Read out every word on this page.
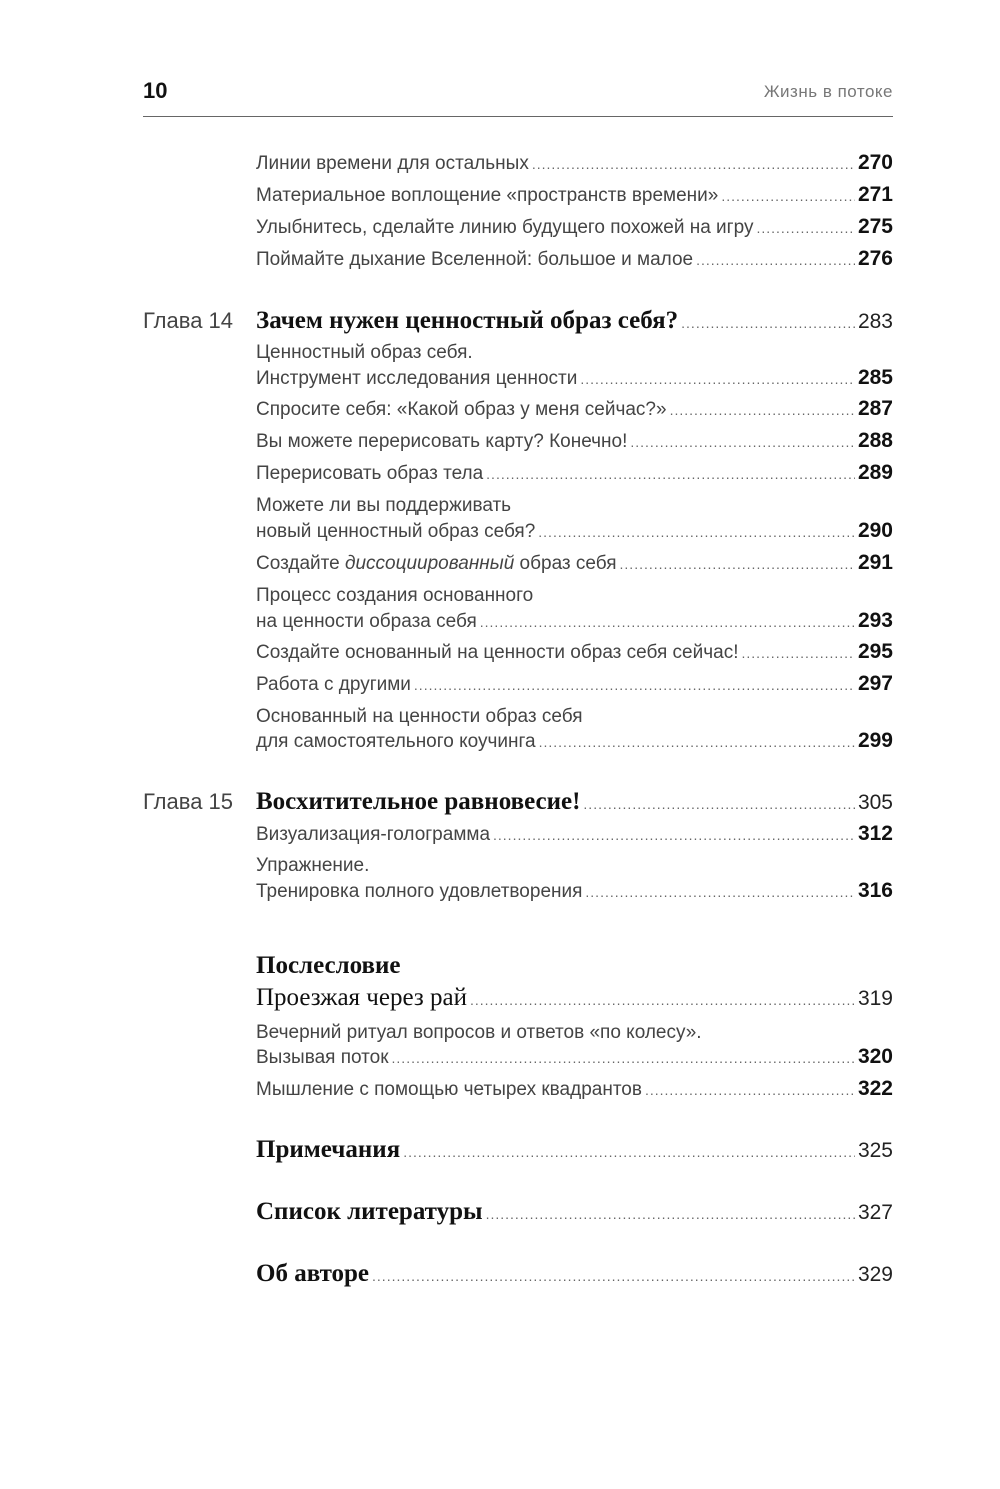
10	Жизнь в потоке
Линии времени для остальных .....	270
Материальное воплощение «пространств времени» .....	271
Улыбнитесь, сделайте линию будущего похожей на игру .....	275
Поймайте дыхание Вселенной: большое и малое .....	276
Глава 14 Зачем нужен ценностный образ себя? .....	283
Ценностный образ себя.
Инструмент исследования ценности .....	285
Спросите себя: «Какой образ у меня сейчас?» .....	287
Вы можете перерисовать карту? Конечно! .....	288
Перерисовать образ тела .....	289
Можете ли вы поддерживать
новый ценностный образ себя? .....	290
Создайте диссоциированный образ себя .....	291
Процесс создания основанного
на ценности образа себя .....	293
Создайте основанный на ценности образ себя сейчас! .....	295
Работа с другими .....	297
Основанный на ценности образ себя
для самостоятельного коучинга .....	299
Глава 15 Восхитительное равновесие! .....	305
Визуализация-голограмма .....	312
Упражнение.
Тренировка полного удовлетворения .....	316
Послесловие
Проезжая через рай .....	319
Вечерний ритуал вопросов и ответов «по колесу».
Вызывая поток .....	320
Мышление с помощью четырех квадрантов .....	322
Примечания .....	325
Список литературы .....	327
Об авторе .....	329
